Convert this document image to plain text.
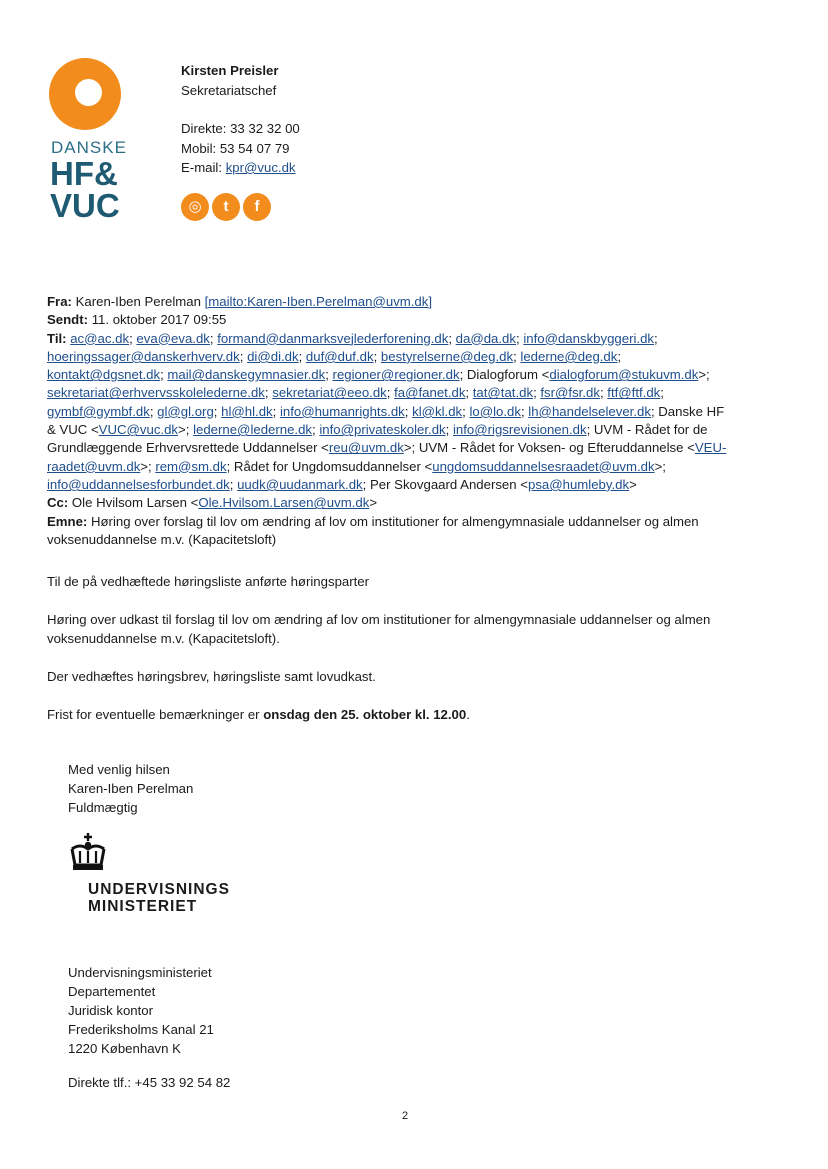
DANSKE
HF&
VUC
Kirsten Preisler
Sekretariatschef
Direkte: 33 32 32 00
Mobil: 53 54 07 79
E-mail: kpr@vuc.dk
◎ t f
Fra: Karen-Iben Perelman [mailto:Karen-Iben.Perelman@uvm.dk]
Sendt: 11. oktober 2017 09:55
Til: ac@ac.dk; eva@eva.dk; formand@danmarksvejlederforening.dk; da@da.dk; info@danskbyggeri.dk;
hoeringssager@danskerhverv.dk; di@di.dk; duf@duf.dk; bestyrelserne@deg.dk; lederne@deg.dk;
kontakt@dgsnet.dk; mail@danskegymnasier.dk; regioner@regioner.dk; Dialogforum <dialogforum@stukuvm.dk>;
sekretariat@erhvervsskolelederne.dk; sekretariat@eeo.dk; fa@fanet.dk; tat@tat.dk; fsr@fsr.dk; ftf@ftf.dk;
gymbf@gymbf.dk; gl@gl.org; hl@hl.dk; info@humanrights.dk; kl@kl.dk; lo@lo.dk; lh@handelselever.dk; Danske HF
& VUC <VUC@vuc.dk>; lederne@lederne.dk; info@privateskoler.dk; info@rigsrevisionen.dk; UVM - Rådet for de
Grundlæggende Erhvervsrettede Uddannelser <reu@uvm.dk>; UVM - Rådet for Voksen- og Efteruddannelse <VEU-
raadet@uvm.dk>; rem@sm.dk; Rådet for Ungdomsuddannelser <ungdomsuddannelsesraadet@uvm.dk>;
info@uddannelsesforbundet.dk; uudk@uudanmark.dk; Per Skovgaard Andersen <psa@humleby.dk>
Cc: Ole Hvilsom Larsen <Ole.Hvilsom.Larsen@uvm.dk>
Emne: Høring over forslag til lov om ændring af lov om institutioner for almengymnasiale uddannelser og almen voksenuddannelse m.v. (Kapacitetsloft)

Til de på vedhæftede høringsliste anførte høringsparter

Høring over udkast til forslag til lov om ændring af lov om institutioner for almengymnasiale uddannelser og almen voksenuddannelse m.v. (Kapacitetsloft).

Der vedhæftes høringsbrev, høringsliste samt lovudkast.

Frist for eventuelle bemærkninger er onsdag den 25. oktober kl. 12.00.

Med venlig hilsen
Karen-Iben Perelman
Fuldmægtig
UNDERVISNINGS
MINISTERIET
Undervisningsministeriet
Departementet
Juridisk kontor
Frederiksholms Kanal 21
1220 København K
Direkte tlf.: +45 33 92 54 82
2
